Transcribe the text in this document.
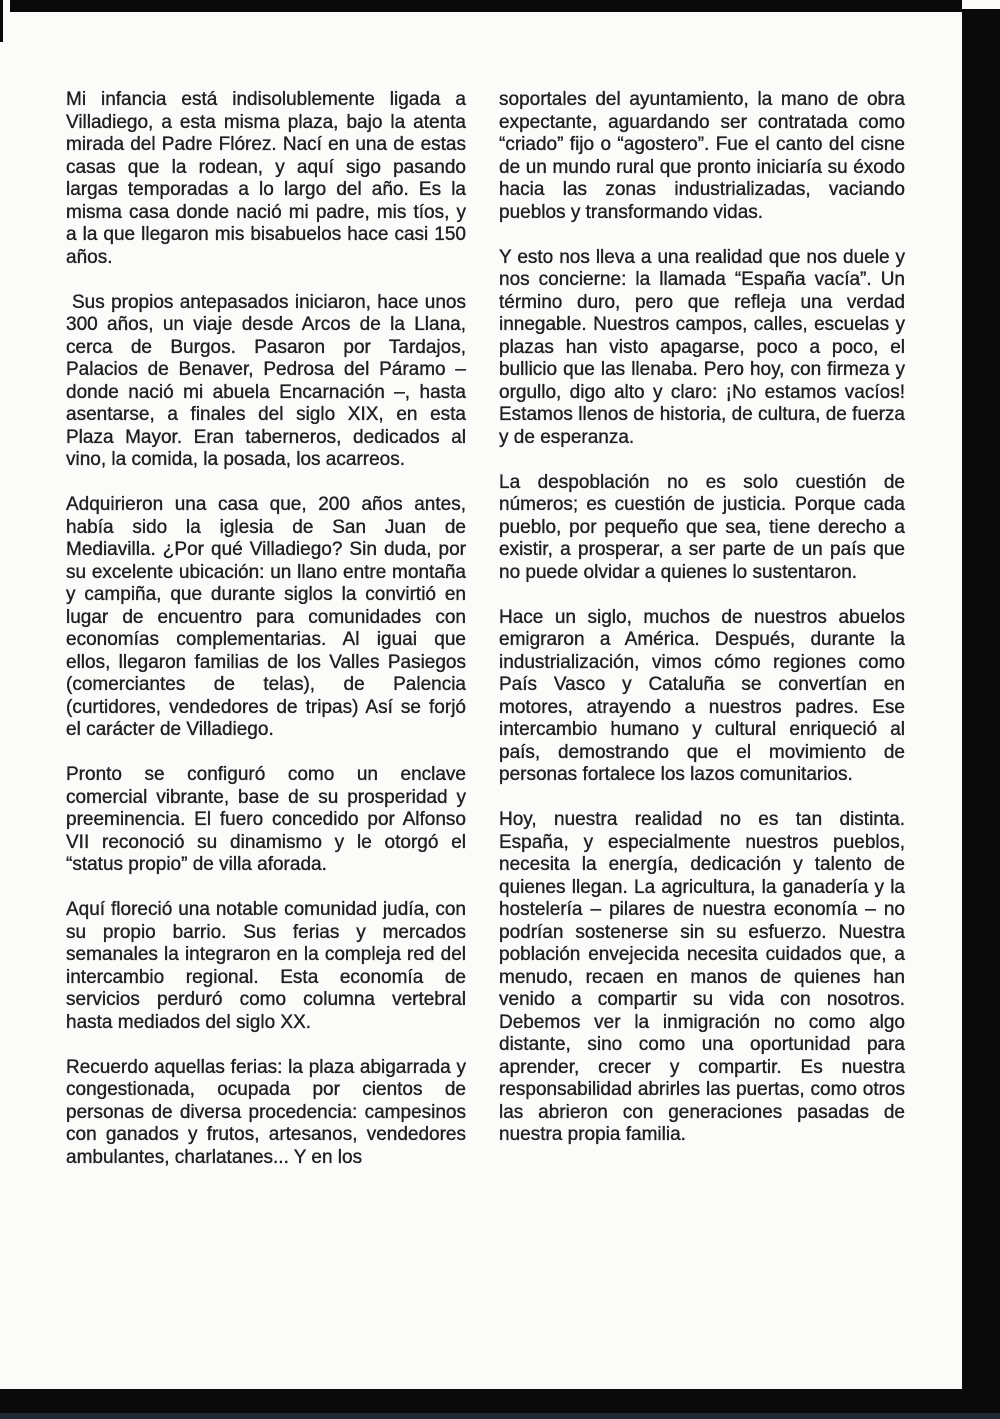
Mi infancia está indisolublemente ligada a Villadiego, a esta misma plaza, bajo la atenta mirada del Padre Flórez. Nací en una de estas casas que la rodean, y aquí sigo pasando largas temporadas a lo largo del año. Es la misma casa donde nació mi padre, mis tíos, y a la que llegaron mis bisabuelos hace casi 150 años.

Sus propios antepasados iniciaron, hace unos 300 años, un viaje desde Arcos de la Llana, cerca de Burgos. Pasaron por Tardajos, Palacios de Benaver, Pedrosa del Páramo – donde nació mi abuela Encarnación –, hasta asentarse, a finales del siglo XIX, en esta Plaza Mayor. Eran taberneros, dedicados al vino, la comida, la posada, los acarreos.

Adquirieron una casa que, 200 años antes, había sido la iglesia de San Juan de Mediavilla. ¿Por qué Villadiego? Sin duda, por su excelente ubicación: un llano entre montaña y campiña, que durante siglos la convirtió en lugar de encuentro para comunidades con economías complementarias. Al iguai que ellos, llegaron familias de los Valles Pasiegos (comerciantes de telas), de Palencia (curtidores, vendedores de tripas) Así se forjó el carácter de Villadiego.

Pronto se configuró como un enclave comercial vibrante, base de su prosperidad y preeminencia. El fuero concedido por Alfonso VII reconoció su dinamismo y le otorgó el “status propio” de villa aforada.

Aquí floreció una notable comunidad judía, con su propio barrio. Sus ferias y mercados semanales la integraron en la compleja red del intercambio regional. Esta economía de servicios perduró como columna vertebral hasta mediados del siglo XX.

Recuerdo aquellas ferias: la plaza abigarrada y congestionada, ocupada por cientos de personas de diversa procedencia: campesinos con ganados y frutos, artesanos, vendedores ambulantes, charlatanes... Y en los

soportales del ayuntamiento, la mano de obra expectante, aguardando ser contratada como “criado” fijo o “agostero”. Fue el canto del cisne de un mundo rural que pronto iniciaría su éxodo hacia las zonas industrializadas, vaciando pueblos y transformando vidas.

Y esto nos lleva a una realidad que nos duele y nos concierne: la llamada “España vacía”. Un término duro, pero que refleja una verdad innegable. Nuestros campos, calles, escuelas y plazas han visto apagarse, poco a poco, el bullicio que las llenaba. Pero hoy, con firmeza y orgullo, digo alto y claro: ¡No estamos vacíos! Estamos llenos de historia, de cultura, de fuerza y de esperanza.

La despoblación no es solo cuestión de números; es cuestión de justicia. Porque cada pueblo, por pequeño que sea, tiene derecho a existir, a prosperar, a ser parte de un país que no puede olvidar a quienes lo sustentaron.

Hace un siglo, muchos de nuestros abuelos emigraron a América. Después, durante la industrialización, vimos cómo regiones como País Vasco y Cataluña se convertían en motores, atrayendo a nuestros padres. Ese intercambio humano y cultural enriqueció al país, demostrando que el movimiento de personas fortalece los lazos comunitarios.

Hoy, nuestra realidad no es tan distinta. España, y especialmente nuestros pueblos, necesita la energía, dedicación y talento de quienes llegan. La agricultura, la ganadería y la hostelería – pilares de nuestra economía – no podrían sostenerse sin su esfuerzo. Nuestra población envejecida necesita cuidados que, a menudo, recaen en manos de quienes han venido a compartir su vida con nosotros. Debemos ver la inmigración no como algo distante, sino como una oportunidad para aprender, crecer y compartir. Es nuestra responsabilidad abrirles las puertas, como otros las abrieron con generaciones pasadas de nuestra propia familia.
